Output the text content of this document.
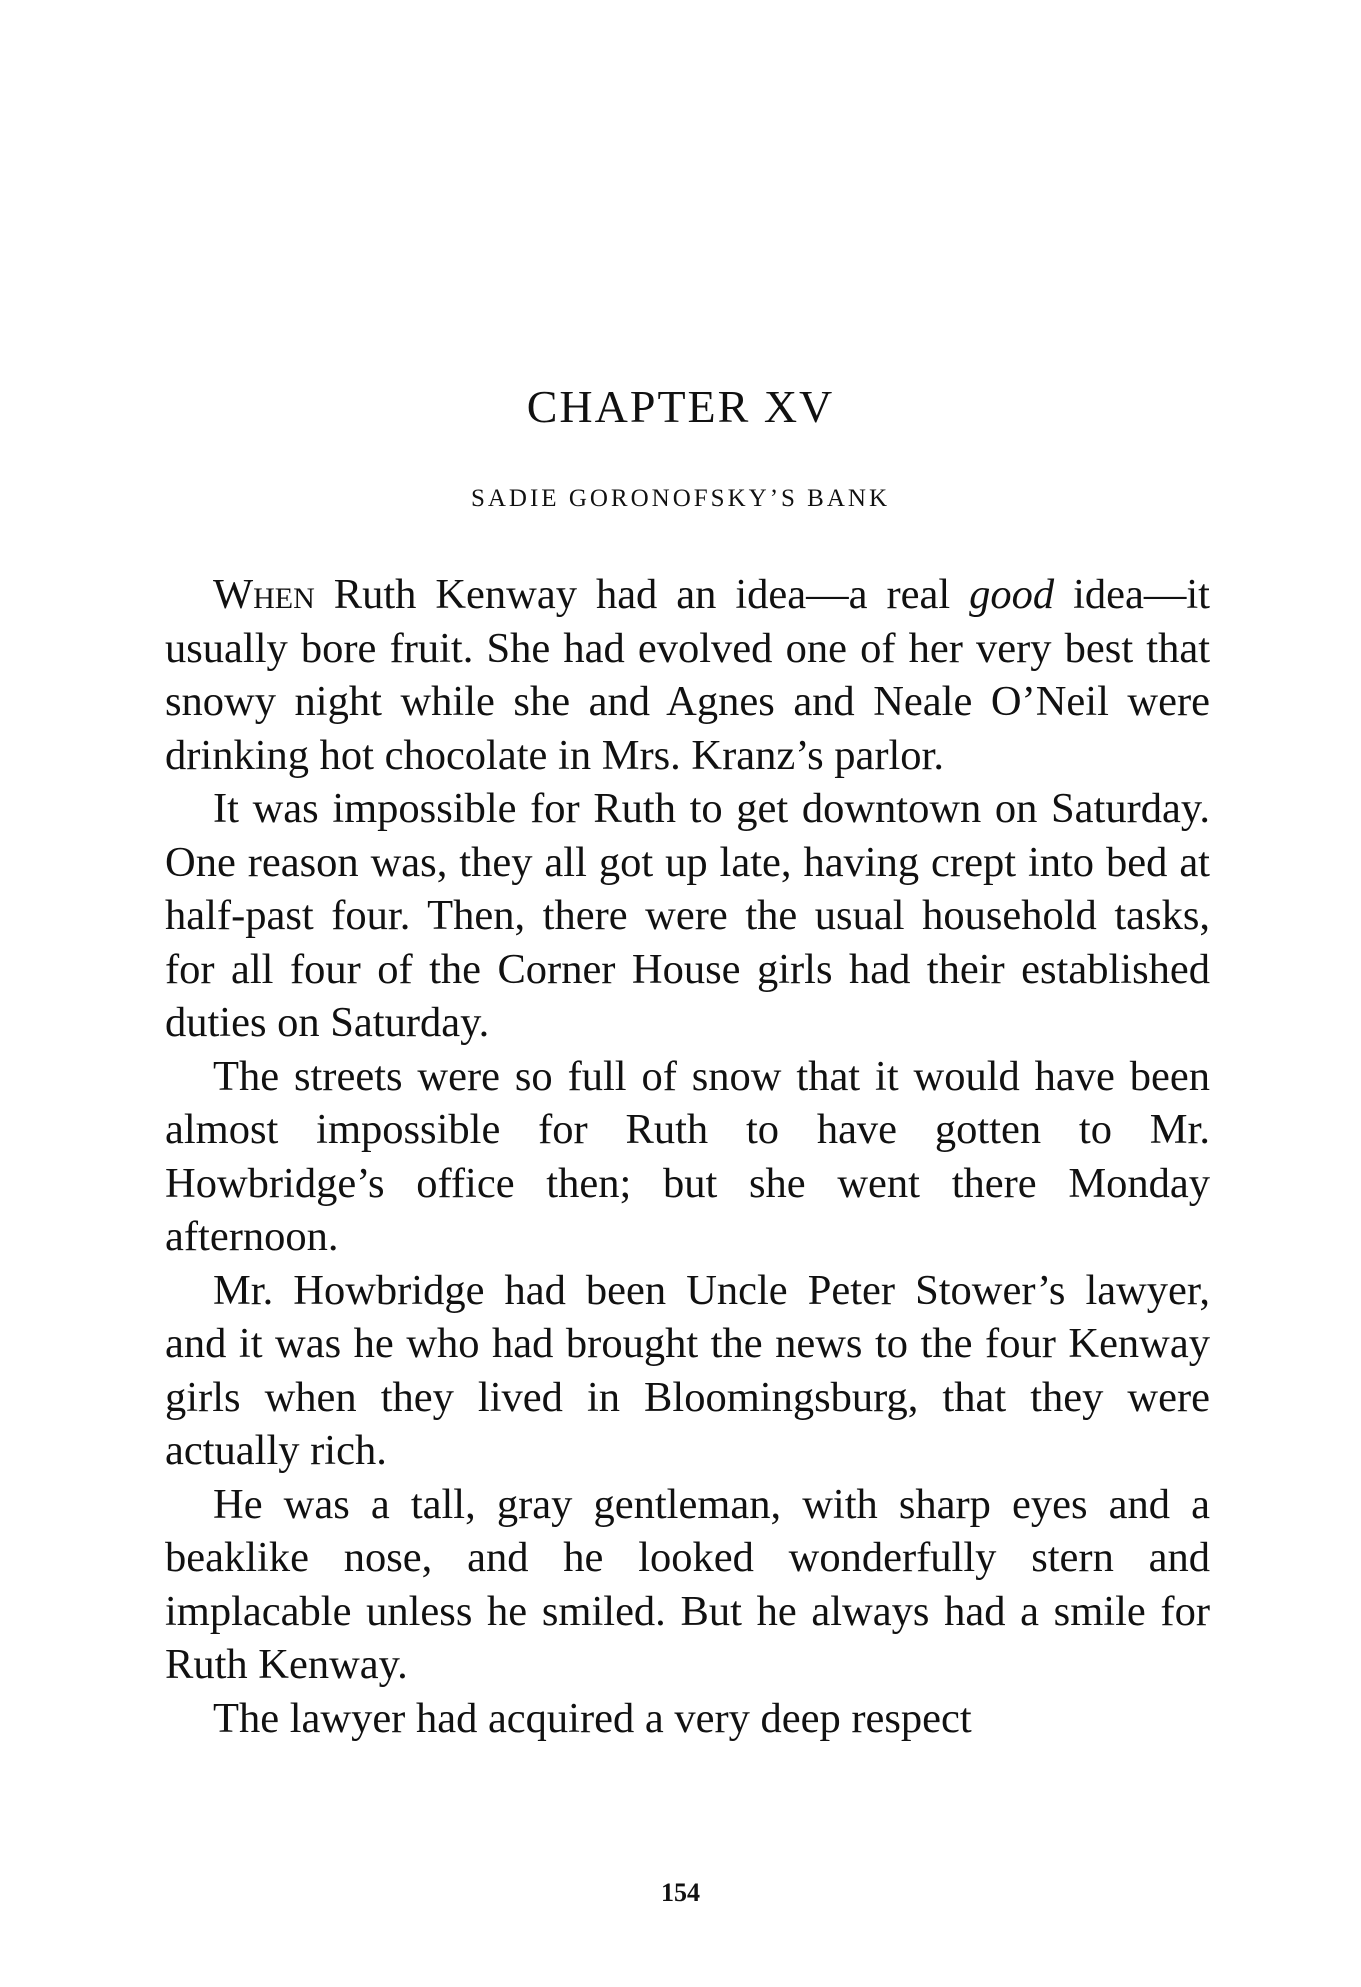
CHAPTER XV
SADIE GORONOFSKY’S BANK

When Ruth Kenway had an idea—a real good idea—it usually bore fruit. She had evolved one of her very best that snowy night while she and Agnes and Neale O’Neil were drinking hot chocolate in Mrs. Kranz’s parlor.

It was impossible for Ruth to get downtown on Saturday. One reason was, they all got up late, having crept into bed at half-past four. Then, there were the usual household tasks, for all four of the Corner House girls had their established duties on Saturday.

The streets were so full of snow that it would have been almost impossible for Ruth to have gotten to Mr. Howbridge’s office then; but she went there Monday afternoon.

Mr. Howbridge had been Uncle Peter Stower’s lawyer, and it was he who had brought the news to the four Kenway girls when they lived in Bloomingsburg, that they were actually rich.

He was a tall, gray gentleman, with sharp eyes and a beaklike nose, and he looked wonderfully stern and implacable unless he smiled. But he always had a smile for Ruth Kenway.

The lawyer had acquired a very deep respect

154
